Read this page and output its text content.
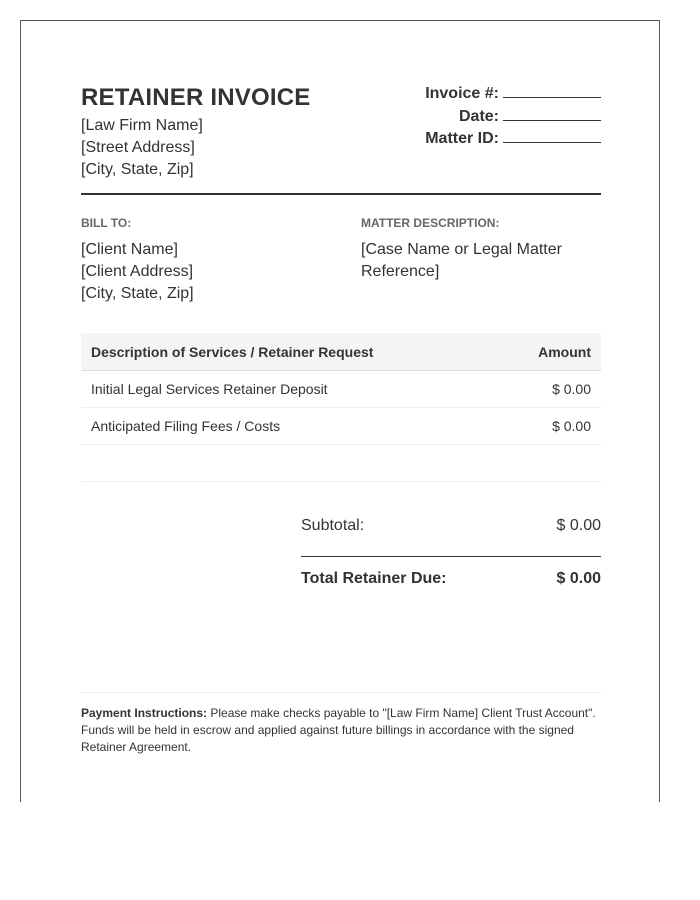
RETAINER INVOICE
[Law Firm Name]
[Street Address]
[City, State, Zip]
Invoice #:
Date:
Matter ID:
BILL TO:
[Client Name]
[Client Address]
[City, State, Zip]
MATTER DESCRIPTION:
[Case Name or Legal Matter
Reference]
Description of Services / Retainer Request	Amount
Initial Legal Services Retainer Deposit	$ 0.00
Anticipated Filing Fees / Costs	$ 0.00

Subtotal:	$ 0.00
Total Retainer Due:	$ 0.00
Payment Instructions: Please make checks payable to "[Law Firm Name] Client Trust Account". Funds will be held in escrow and applied against future billings in accordance with the signed Retainer Agreement.
